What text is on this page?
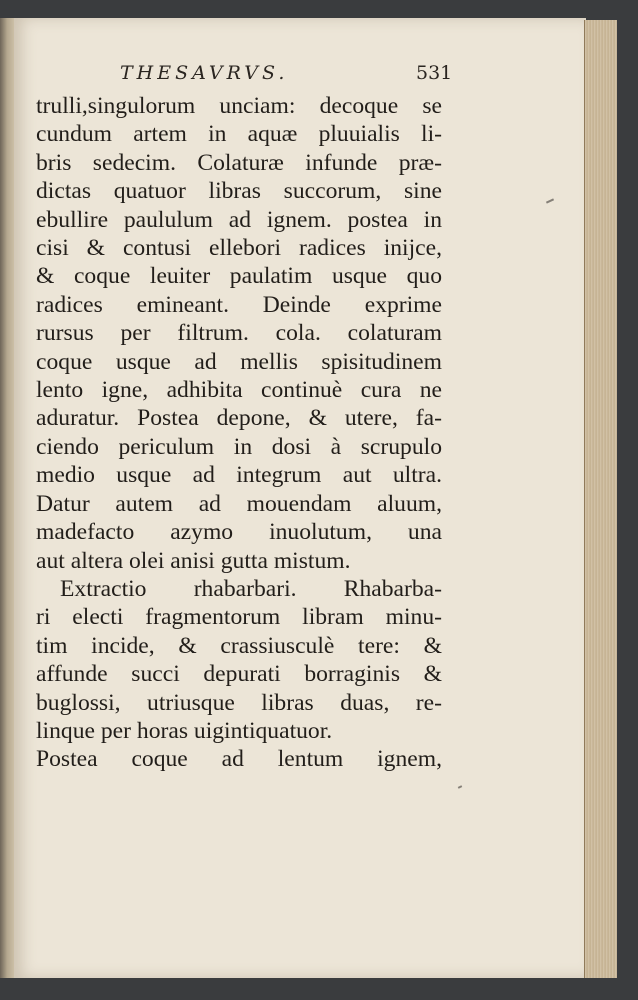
THESAVRVS.	531
trulli,singulorum unciam: decoque se
cundum artem in aquæ pluuialis li-
bris sedecim. Colaturæ infunde præ-
dictas quatuor libras succorum, sine
ebullire paululum ad ignem. postea in
cisi & contusi ellebori radices inijce,
& coque leuiter paulatim usque quo
radices emineant. Deinde exprime
rursus per filtrum. cola. colaturam
coque usque ad mellis spisitudinem
lento igne, adhibita continuè cura ne
aduratur. Postea depone, & utere, fa-
ciendo periculum in dosi à scrupulo
medio usque ad integrum aut ultra.
Datur autem ad mouendam aluum,
madefacto azymo inuolutum, una
aut altera olei anisi gutta mistum.
Extractio rhabarbari. Rhabarba-
ri electi fragmentorum libram minu-
tim incide, & crassiusculè tere: &
affunde succi depurati borraginis &
buglossi, utriusque libras duas, re-
linque per horas uigintiquatuor.
Postea coque ad lentum ignem,
